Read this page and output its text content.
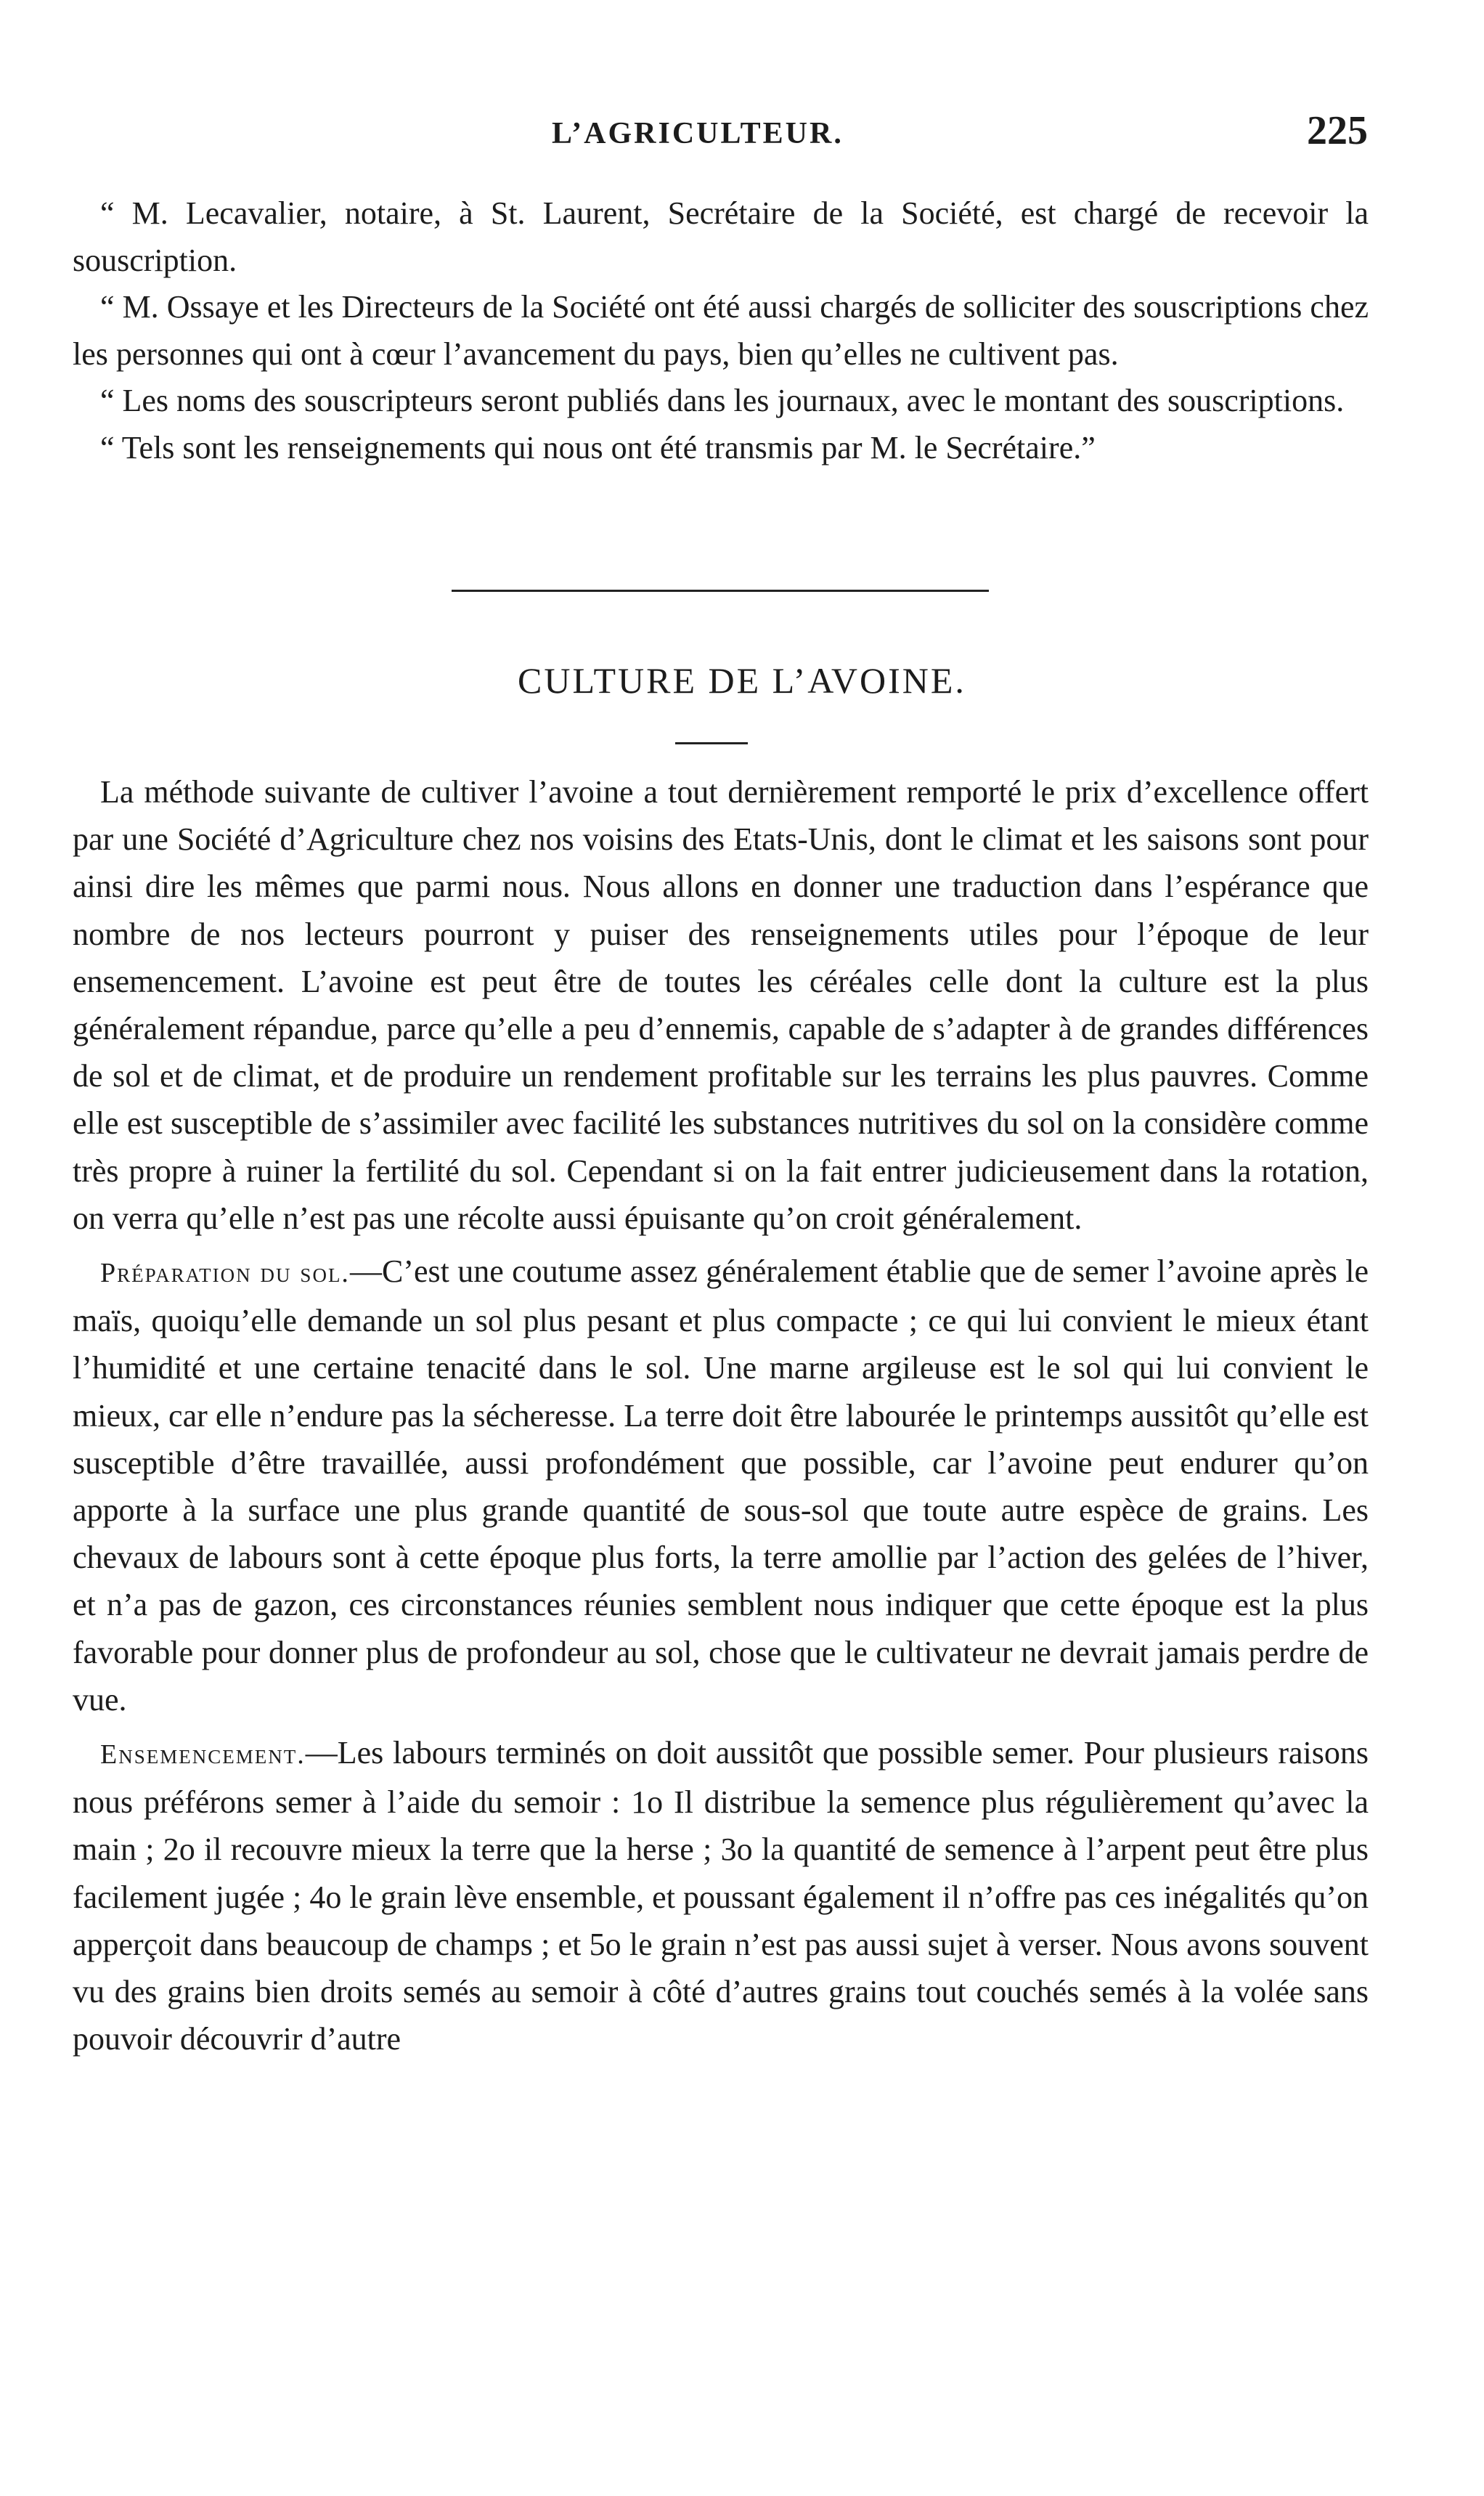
L’AGRICULTEUR.	225

“ M. Lecavalier, notaire, à St. Laurent, Secrétaire de la Société, est chargé de recevoir la souscription.

“ M. Ossaye et les Directeurs de la Société ont été aussi chargés de solliciter des souscriptions chez les personnes qui ont à cœur l’avancement du pays, bien qu’elles ne cultivent pas.

“ Les noms des souscripteurs seront publiés dans les journaux, avec le montant des souscriptions.

“ Tels sont les renseignements qui nous ont été transmis par M. le Secrétaire.”

CULTURE DE L’AVOINE.

La méthode suivante de cultiver l’avoine a tout dernièrement remporté le prix d’excellence offert par une Société d’Agriculture chez nos voisins des Etats-Unis, dont le climat et les saisons sont pour ainsi dire les mêmes que parmi nous. Nous allons en donner une traduction dans l’espérance que nombre de nos lecteurs pourront y puiser des renseignements utiles pour l’époque de leur ensemencement. L’avoine est peut être de toutes les céréales celle dont la culture est la plus généralement répandue, parce qu’elle a peu d’ennemis, capable de s’adapter à de grandes différences de sol et de climat, et de produire un rendement profitable sur les terrains les plus pauvres. Comme elle est susceptible de s’assimiler avec facilité les substances nutritives du sol on la considère comme très propre à ruiner la fertilité du sol. Cependant si on la fait entrer judicieusement dans la rotation, on verra qu’elle n’est pas une récolte aussi épuisante qu’on croit généralement.

Préparation du sol.—C’est une coutume assez généralement établie que de semer l’avoine après le maïs, quoiqu’elle demande un sol plus pesant et plus compacte ; ce qui lui convient le mieux étant l’humidité et une certaine tenacité dans le sol. Une marne argileuse est le sol qui lui convient le mieux, car elle n’endure pas la sécheresse. La terre doit être labourée le printemps aussitôt qu’elle est susceptible d’être travaillée, aussi profondément que possible, car l’avoine peut endurer qu’on apporte à la surface une plus grande quantité de sous-sol que toute autre espèce de grains. Les chevaux de labours sont à cette époque plus forts, la terre amollie par l’action des gelées de l’hiver, et n’a pas de gazon, ces circonstances réunies semblent nous indiquer que cette époque est la plus favorable pour donner plus de profondeur au sol, chose que le cultivateur ne devrait jamais perdre de vue.

Ensemencement.—Les labours terminés on doit aussitôt que possible semer. Pour plusieurs raisons nous préférons semer à l’aide du semoir : 1o Il distribue la semence plus régulièrement qu’avec la main ; 2o il recouvre mieux la terre que la herse ; 3o la quantité de semence à l’arpent peut être plus facilement jugée ; 4o le grain lève ensemble, et poussant également il n’offre pas ces inégalités qu’on apperçoit dans beaucoup de champs ; et 5o le grain n’est pas aussi sujet à verser. Nous avons souvent vu des grains bien droits semés au semoir à côté d’autres grains tout couchés semés à la volée sans pouvoir découvrir d’autre
